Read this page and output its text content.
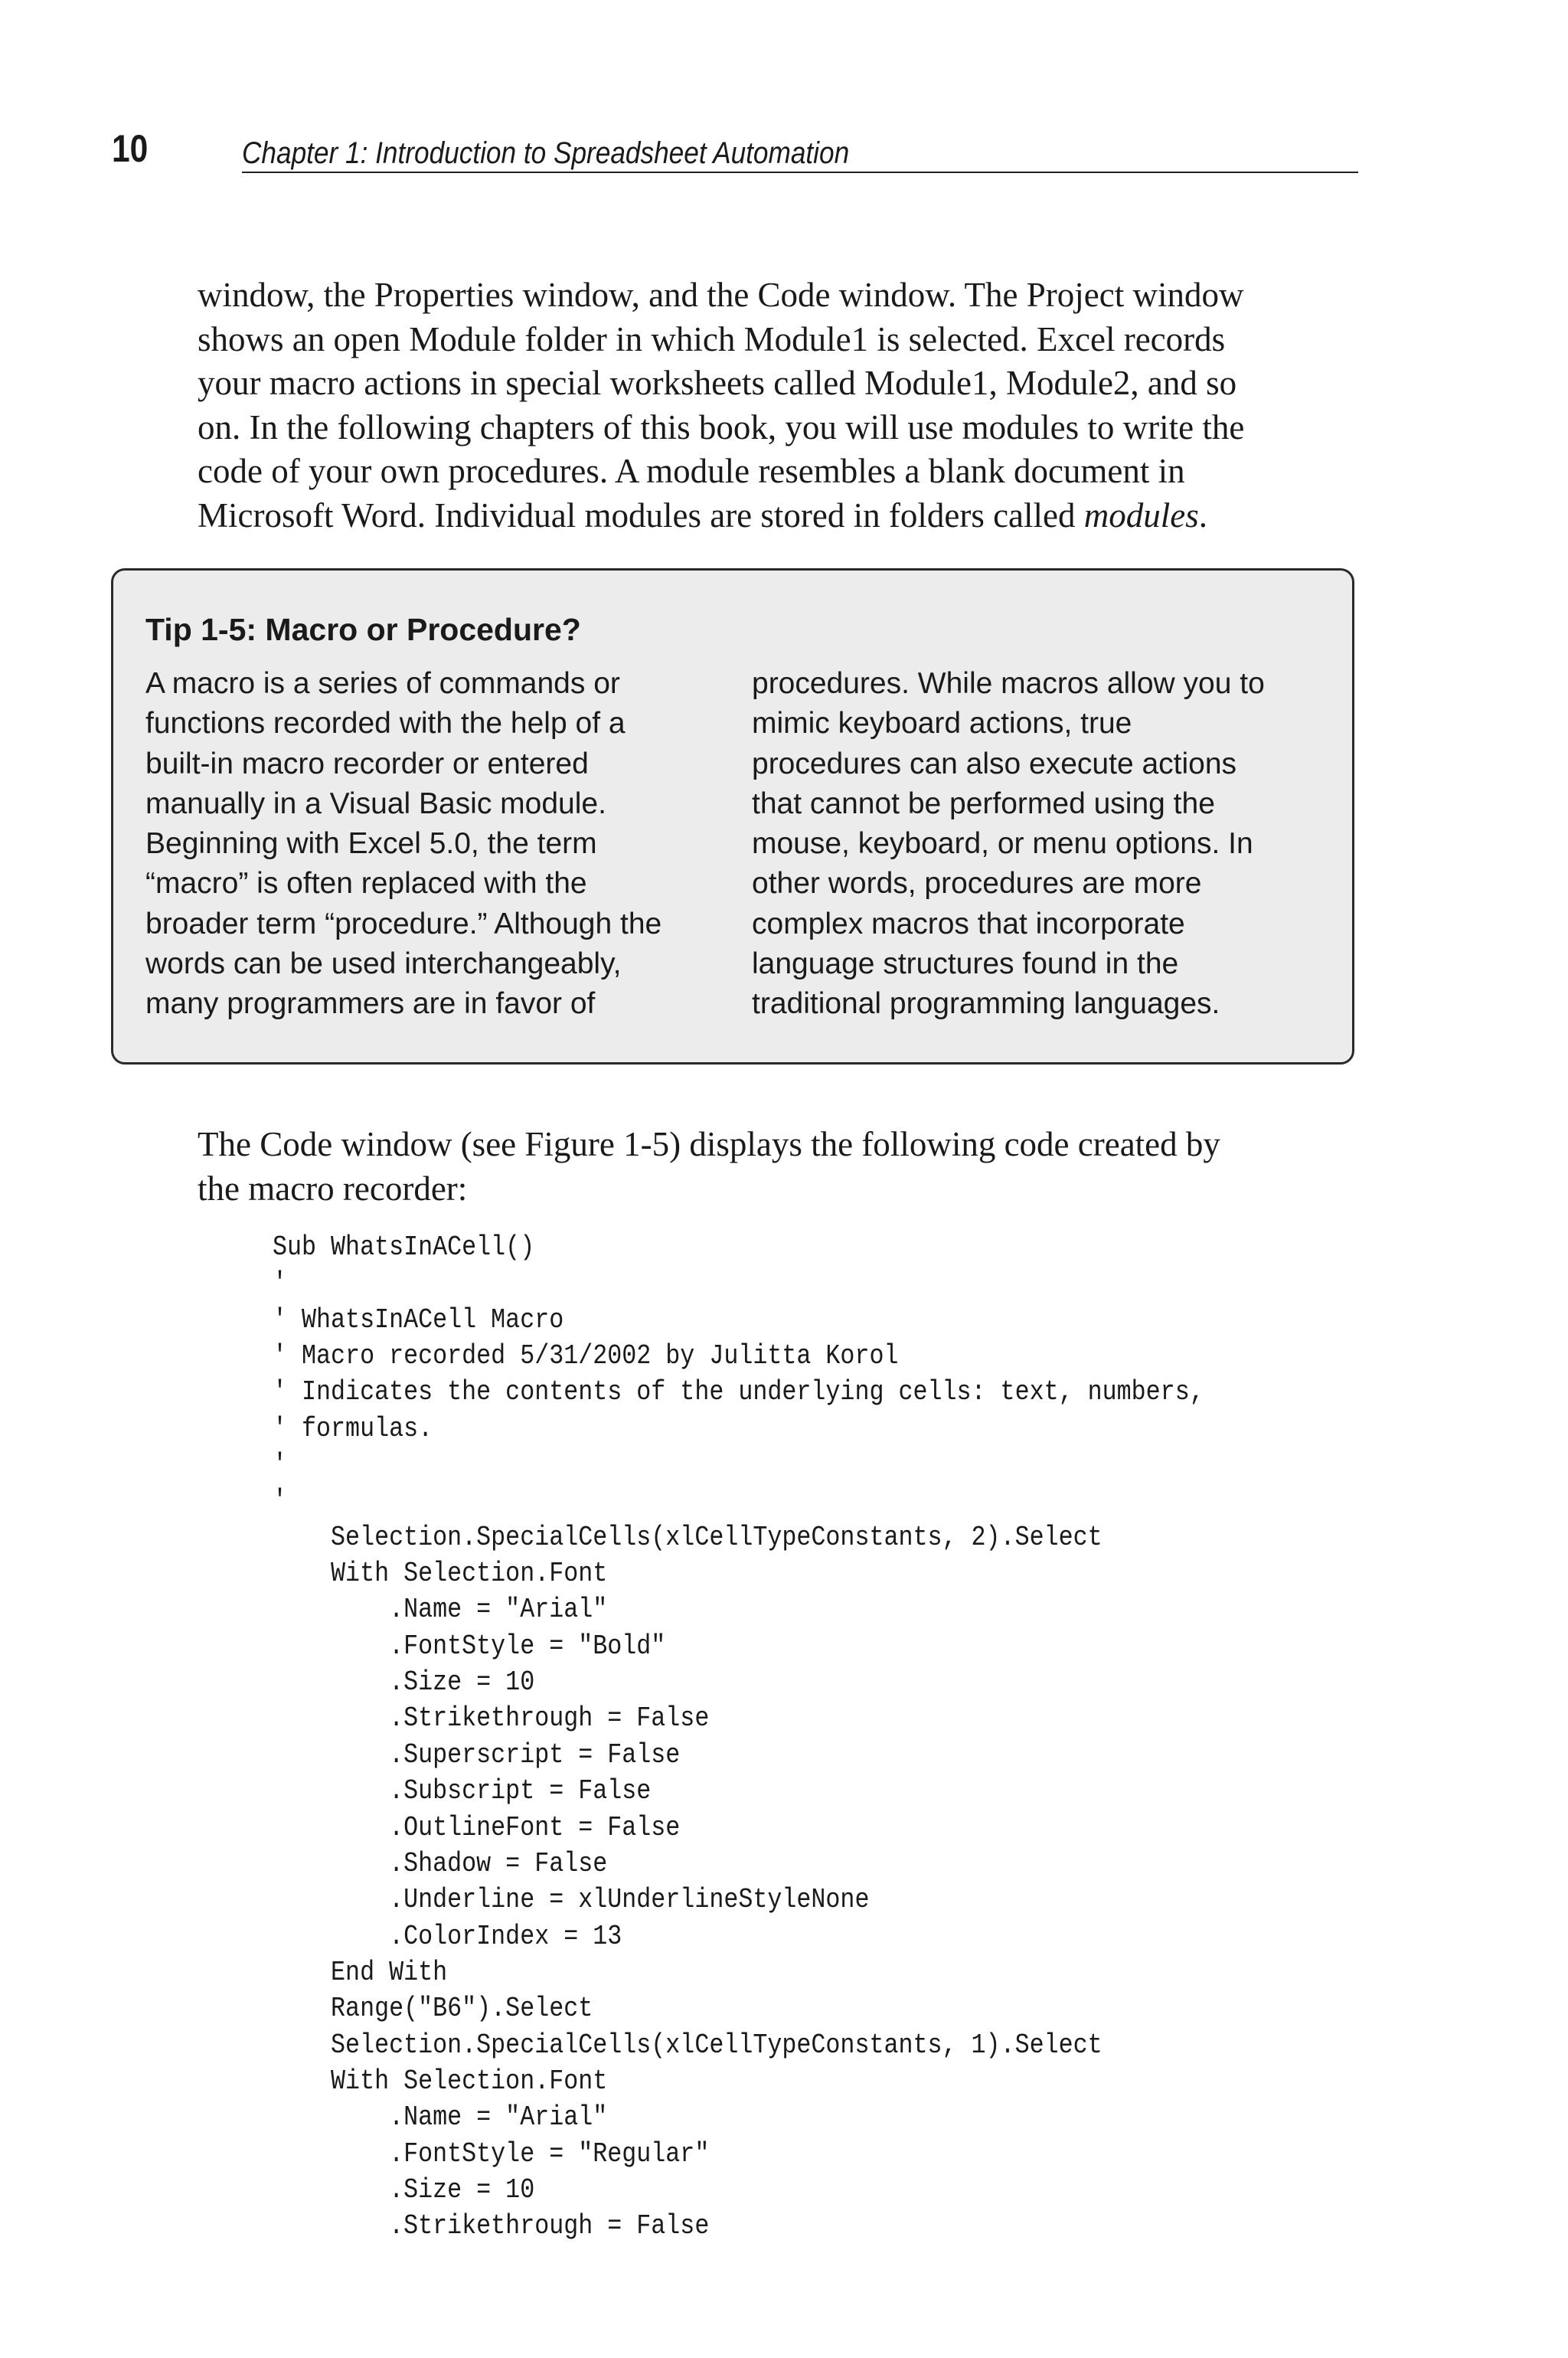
10	Chapter 1: Introduction to Spreadsheet Automation
window, the Properties window, and the Code window. The Project window
shows an open Module folder in which Module1 is selected. Excel records
your macro actions in special worksheets called Module1, Module2, and so
on. In the following chapters of this book, you will use modules to write the
code of your own procedures. A module resembles a blank document in
Microsoft Word. Individual modules are stored in folders called modules.
Tip 1-5: Macro or Procedure?
A macro is a series of commands or
functions recorded with the help of a
built-in macro recorder or entered
manually in a Visual Basic module.
Beginning with Excel 5.0, the term
“macro” is often replaced with the
broader term “procedure.” Although the
words can be used interchangeably,
many programmers are in favor of
procedures. While macros allow you to
mimic keyboard actions, true
procedures can also execute actions
that cannot be performed using the
mouse, keyboard, or menu options. In
other words, procedures are more
complex macros that incorporate
language structures found in the
traditional programming languages.
The Code window (see Figure 1-5) displays the following code created by
the macro recorder:
Sub WhatsInACell()
'
' WhatsInACell Macro
' Macro recorded 5/31/2002 by Julitta Korol
' Indicates the contents of the underlying cells: text, numbers,
' formulas.
'
'
Selection.SpecialCells(xlCellTypeConstants, 2).Select
With Selection.Font
.Name = "Arial"
.FontStyle = "Bold"
.Size = 10
.Strikethrough = False
.Superscript = False
.Subscript = False
.OutlineFont = False
.Shadow = False
.Underline = xlUnderlineStyleNone
.ColorIndex = 13
End With
Range("B6").Select
Selection.SpecialCells(xlCellTypeConstants, 1).Select
With Selection.Font
.Name = "Arial"
.FontStyle = "Regular"
.Size = 10
.Strikethrough = False
